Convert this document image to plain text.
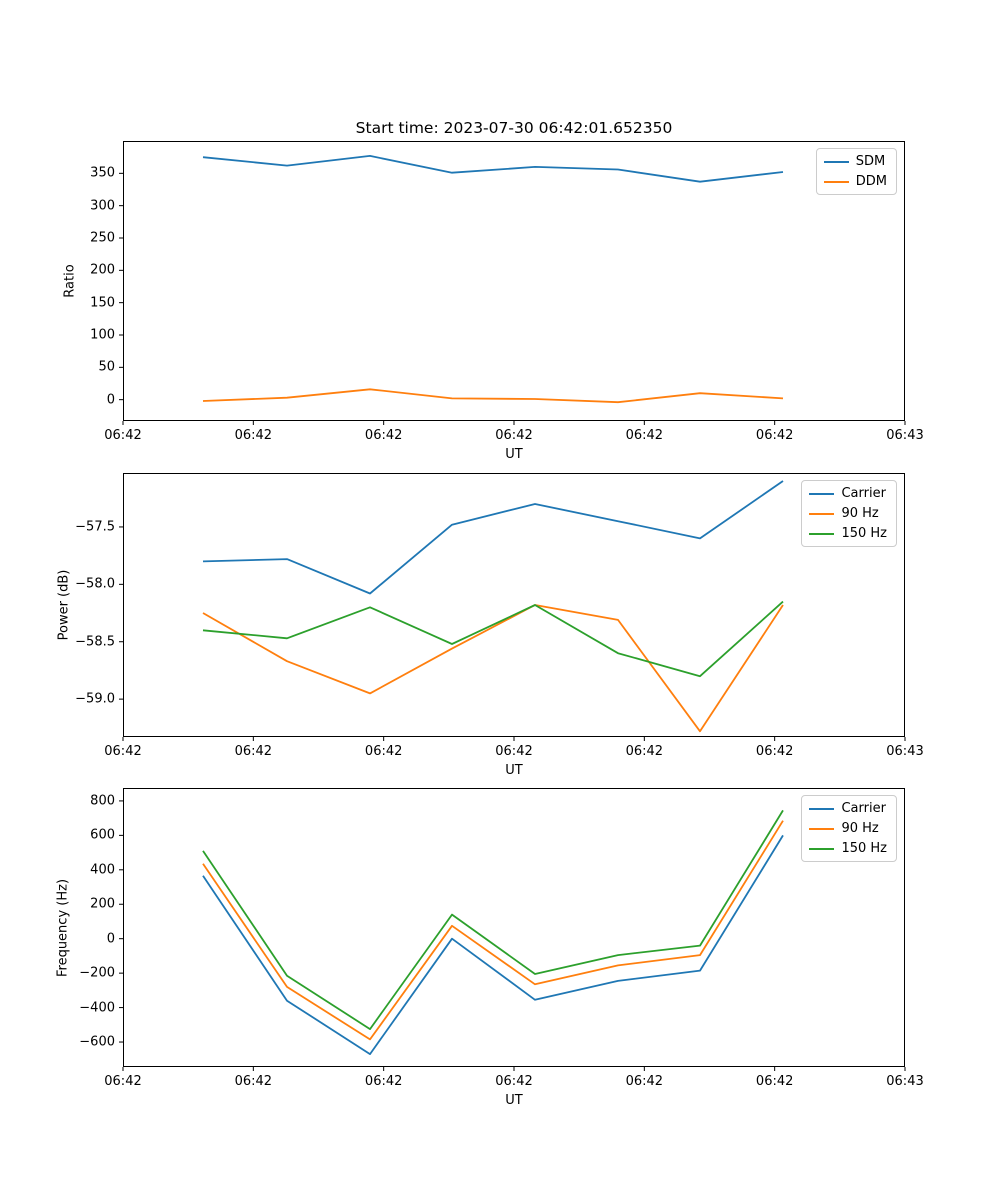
Start time: 2023-07-30 06:42:01.652350
06:42	06:42	06:42	06:42	06:42	06:42	06:43
0
50
100
150
200
250
300
350
SDM
DDM
Ratio
UT
06:42	06:42	06:42	06:42	06:42	06:42	06:43
−57.5
−58.0
−58.5
−59.0
Carrier
90 Hz
150 Hz
Power (dB)
UT
06:42	06:42	06:42	06:42	06:42	06:42	06:43
800
600
400
200
0
−200
−400
−600
Carrier
90 Hz
150 Hz
Frequency (Hz)
UT
